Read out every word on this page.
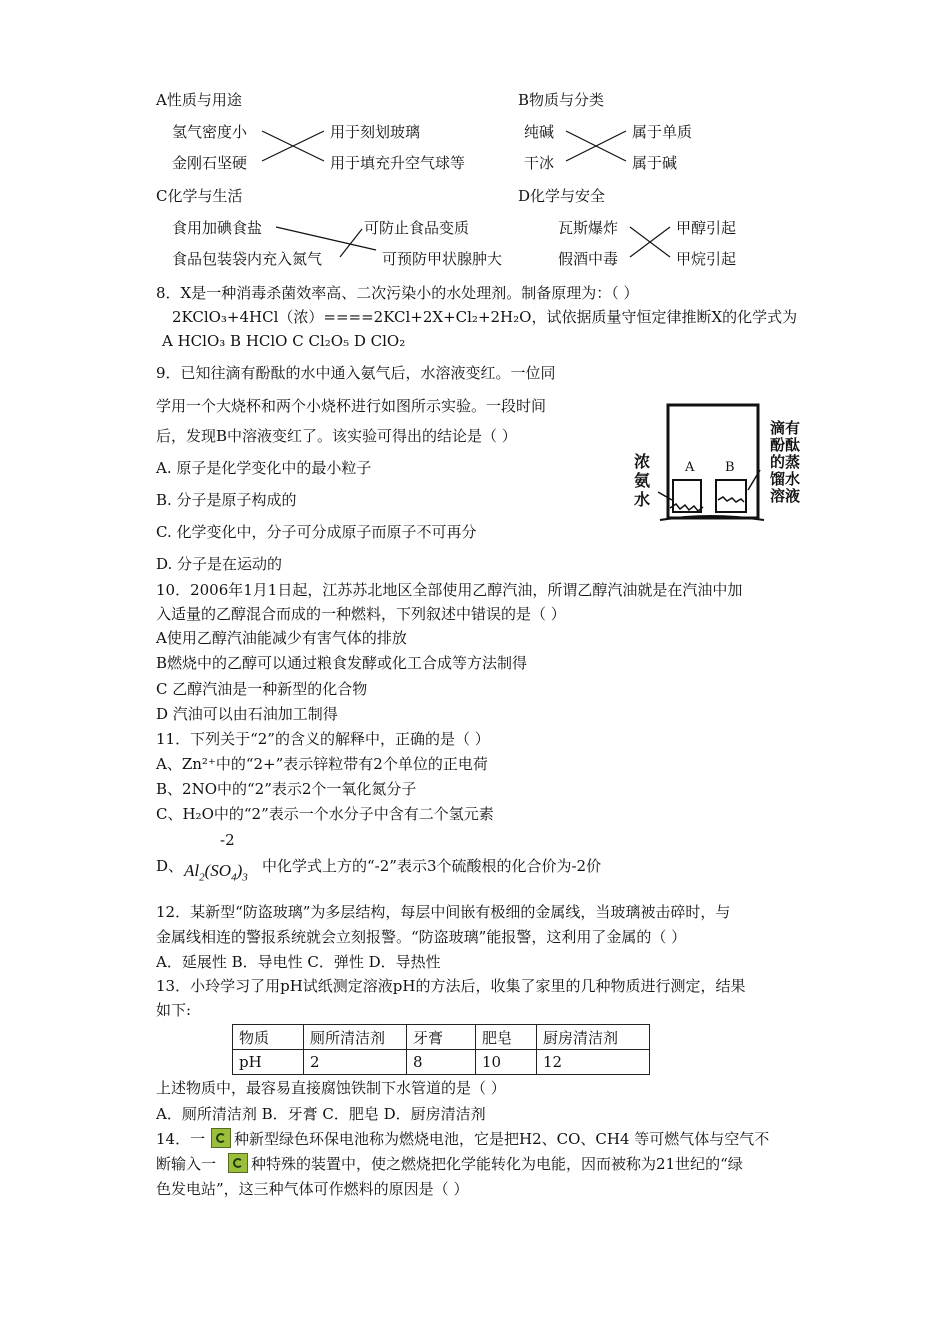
A性质与用途
氢气密度小	用于刻划玻璃
金刚石坚硬	用于填充升空气球等
B物质与分类
纯碱	属于单质
干冰	属于碱
C化学与生活
食用加碘食盐	可防止食品变质
食品包装袋内充入氮气	可预防甲状腺肿大
D化学与安全
瓦斯爆炸	甲醇引起
假酒中毒	甲烷引起
8．X是一种消毒杀菌效率高、二次污染小的水处理剂。制备原理为：（ ）
2KClO₃+4HCl（浓）====2KCl+2X+Cl₂+2H₂O，试依据质量守恒定律推断X的化学式为
A HClO₃ B HClO C Cl₂O₅ D ClO₂
9．已知往滴有酚酞的水中通入氨气后，水溶液变红。一位同
学用一个大烧杯和两个小烧杯进行如图所示实验。一段时间
后，发现B中溶液变红了。该实验可得出的结论是（ ）
A. 原子是化学变化中的最小粒子
B. 分子是原子构成的
C. 化学变化中，分子可分成原子而原子不可再分
D. 分子是在运动的
A B
浓
氨
水
滴有
酚酞
的蒸
馏水
溶液
10．2006年1月1日起，江苏苏北地区全部使用乙醇汽油，所谓乙醇汽油就是在汽油中加
入适量的乙醇混合而成的一种燃料，下列叙述中错误的是（ ）
A使用乙醇汽油能减少有害气体的排放
B燃烧中的乙醇可以通过粮食发酵或化工合成等方法制得
C 乙醇汽油是一种新型的化合物
D 汽油可以由石油加工制得
11．下列关于“2”的含义的解释中，正确的是（ ）
A、Zn²⁺中的“2+”表示锌粒带有2个单位的正电荷
B、2NO中的“2”表示2个一氧化氮分子
C、H₂O中的“2”表示一个水分子中含有二个氢元素
-2
D、 $Al_2(SO_4)_3$
中化学式上方的“-2”表示3个硫酸根的化合价为-2价
12．某新型“防盗玻璃”为多层结构，每层中间嵌有极细的金属线，当玻璃被击碎时，与
金属线相连的警报系统就会立刻报警。“防盗玻璃”能报警，这利用了金属的（ ）
A．延展性 B．导电性 C．弹性 D．导热性
13．小玲学习了用pH试纸测定溶液pH的方法后，收集了家里的几种物质进行测定，结果
如下:
物质	厕所清洁剂	牙膏	肥皂	厨房清洁剂
pH	2	8	10	12
上述物质中，最容易直接腐蚀铁制下水管道的是（ ）
A．厕所清洁剂 B．牙膏 C．肥皂 D．厨房清洁剂
14．一 种新型绿色环保电池称为燃烧电池，它是把H2、CO、CH4 等可燃气体与空气不
断输入一 种特殊的装置中，使之燃烧把化学能转化为电能，因而被称为21世纪的“绿
色发电站”，这三种气体可作燃料的原因是（ ）
